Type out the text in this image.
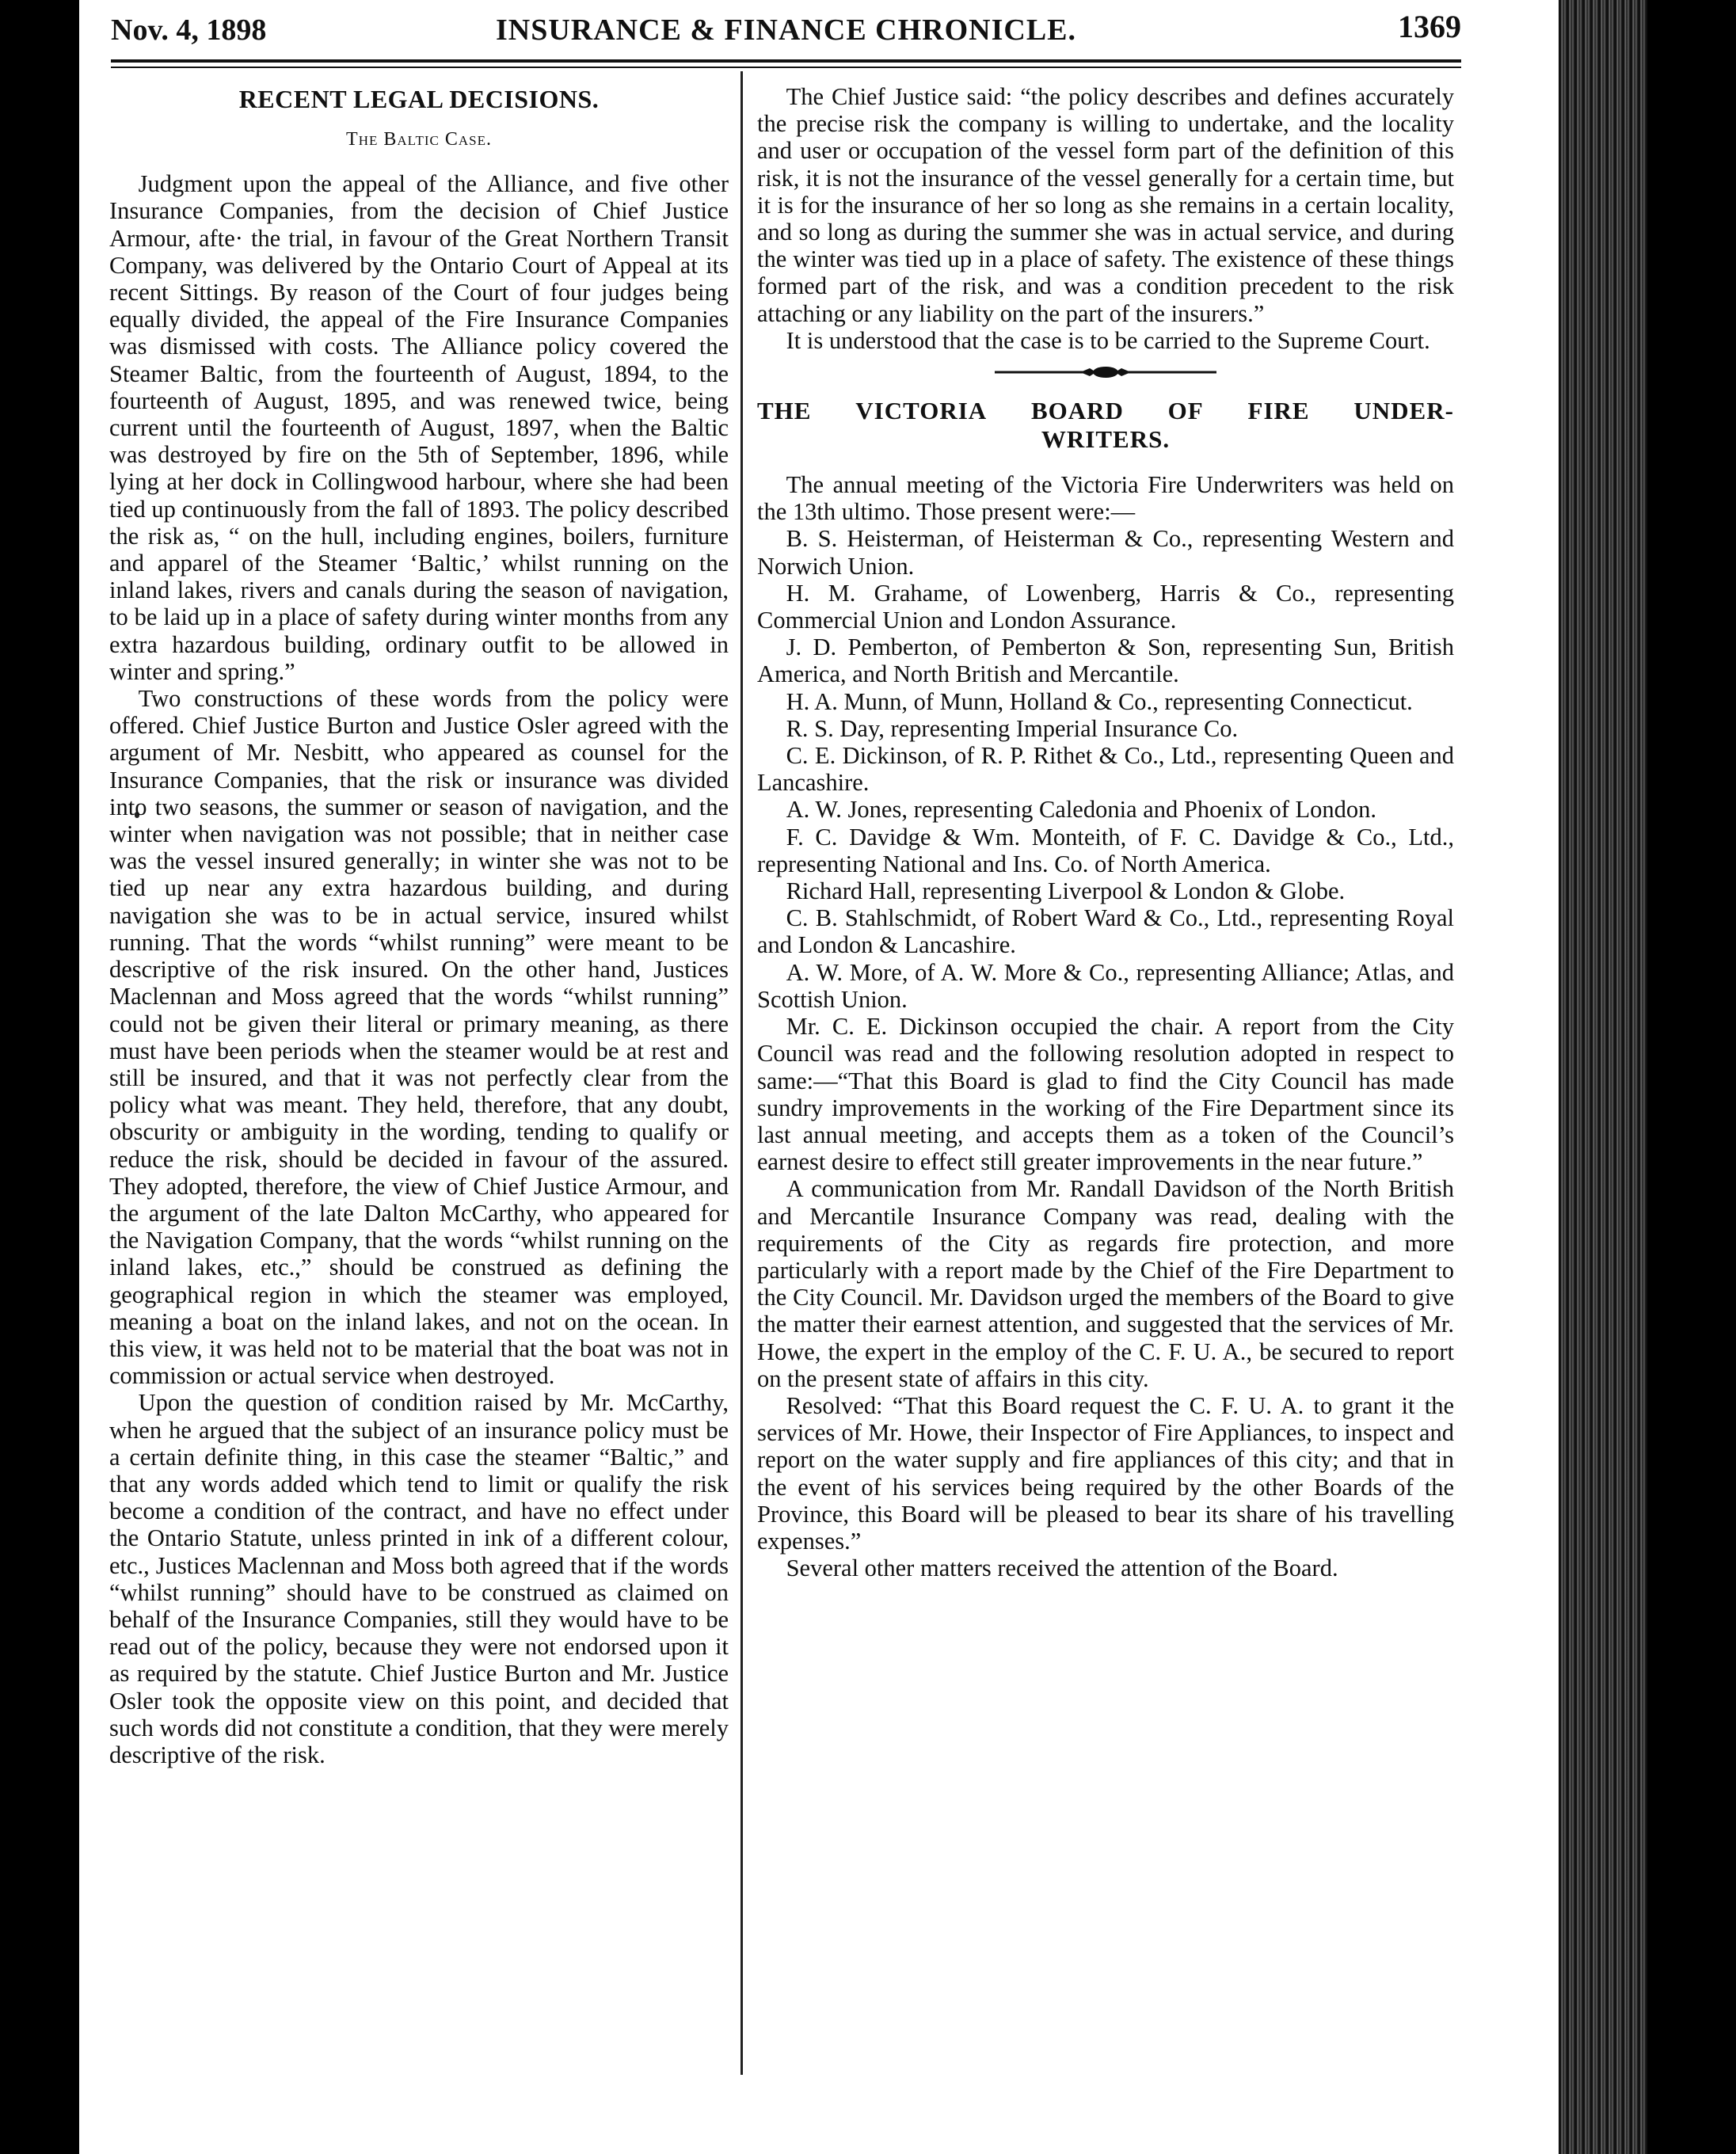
Nov. 4, 1898	INSURANCE & FINANCE CHRONICLE.	1369
RECENT LEGAL DECISIONS.
The Baltic Case.

Judgment upon the appeal of the Alliance, and five other Insurance Companies, from the decision of Chief Justice Armour, afte· the trial, in favour of the Great Northern Transit Company, was delivered by the Ontario Court of Appeal at its recent Sittings. By reason of the Court of four judges being equally divided, the appeal of the Fire Insurance Companies was dismissed with costs. The Alliance policy covered the Steamer Baltic, from the fourteenth of August, 1894, to the fourteenth of August, 1895, and was renewed twice, being current until the fourteenth of August, 1897, when the Baltic was destroyed by fire on the 5th of September, 1896, while lying at her dock in Collingwood harbour, where she had been tied up continuously from the fall of 1893. The policy described the risk as, “ on the hull, including engines, boilers, furniture and apparel of the Steamer ‘Baltic,’ whilst running on the inland lakes, rivers and canals during the season of navigation, to be laid up in a place of safety during winter months from any extra hazardous building, ordinary outfit to be allowed in winter and spring.”

Two constructions of these words from the policy were offered. Chief Justice Burton and Justice Osler agreed with the argument of Mr. Nesbitt, who appeared as counsel for the Insurance Companies, that the risk or insurance was divided into two seasons, the summer or season of navigation, and the winter when navigation was not possible; that in neither case was the vessel insured generally; in winter she was not to be tied up near any extra hazardous building, and during navigation she was to be in actual service, insured whilst running. That the words “whilst running” were meant to be descriptive of the risk insured. On the other hand, Justices Maclennan and Moss agreed that the words “whilst running” could not be given their literal or primary meaning, as there must have been periods when the steamer would be at rest and still be insured, and that it was not perfectly clear from the policy what was meant. They held, therefore, that any doubt, obscurity or ambiguity in the wording, tending to qualify or reduce the risk, should be decided in favour of the assured. They adopted, therefore, the view of Chief Justice Armour, and the argument of the late Dalton McCarthy, who appeared for the Navigation Company, that the words “whilst running on the inland lakes, etc.,” should be construed as defining the geographical region in which the steamer was employed, meaning a boat on the inland lakes, and not on the ocean. In this view, it was held not to be material that the boat was not in commission or actual service when destroyed.

Upon the question of condition raised by Mr. McCarthy, when he argued that the subject of an insurance policy must be a certain definite thing, in this case the steamer “Baltic,” and that any words added which tend to limit or qualify the risk become a condition of the contract, and have no effect under the Ontario Statute, unless printed in ink of a different colour, etc., Justices Maclennan and Moss both agreed that if the words “whilst running” should have to be construed as claimed on behalf of the Insurance Companies, still they would have to be read out of the policy, because they were not endorsed upon it as required by the statute. Chief Justice Burton and Mr. Justice Osler took the opposite view on this point, and decided that such words did not constitute a condition, that they were merely descriptive of the risk.

The Chief Justice said: “the policy describes and defines accurately the precise risk the company is willing to undertake, and the locality and user or occupation of the vessel form part of the definition of this risk, it is not the insurance of the vessel generally for a certain time, but it is for the insurance of her so long as she remains in a certain locality, and so long as during the summer she was in actual service, and during the winter was tied up in a place of safety. The existence of these things formed part of the risk, and was a condition precedent to the risk attaching or any liability on the part of the insurers.”

It is understood that the case is to be carried to the Supreme Court.

THE VICTORIA BOARD OF FIRE UNDER-
WRITERS.

The annual meeting of the Victoria Fire Underwriters was held on the 13th ultimo. Those present were:—

B. S. Heisterman, of Heisterman & Co., representing Western and Norwich Union.

H. M. Grahame, of Lowenberg, Harris & Co., representing Commercial Union and London Assurance.

J. D. Pemberton, of Pemberton & Son, representing Sun, British America, and North British and Mercantile.

H. A. Munn, of Munn, Holland & Co., representing Connecticut.

R. S. Day, representing Imperial Insurance Co.

C. E. Dickinson, of R. P. Rithet & Co., Ltd., representing Queen and Lancashire.

A. W. Jones, representing Caledonia and Phoenix of London.

F. C. Davidge & Wm. Monteith, of F. C. Davidge & Co., Ltd., representing National and Ins. Co. of North America.

Richard Hall, representing Liverpool & London & Globe.

C. B. Stahlschmidt, of Robert Ward & Co., Ltd., representing Royal and London & Lancashire.

A. W. More, of A. W. More & Co., representing Alliance; Atlas, and Scottish Union.

Mr. C. E. Dickinson occupied the chair. A report from the City Council was read and the following resolution adopted in respect to same:—“That this Board is glad to find the City Council has made sundry improvements in the working of the Fire Department since its last annual meeting, and accepts them as a token of the Council’s earnest desire to effect still greater improvements in the near future.”

A communication from Mr. Randall Davidson of the North British and Mercantile Insurance Company was read, dealing with the requirements of the City as regards fire protection, and more particularly with a report made by the Chief of the Fire Department to the City Council. Mr. Davidson urged the members of the Board to give the matter their earnest attention, and suggested that the services of Mr. Howe, the expert in the employ of the C. F. U. A., be secured to report on the present state of affairs in this city.

Resolved: “That this Board request the C. F. U. A. to grant it the services of Mr. Howe, their Inspector of Fire Appliances, to inspect and report on the water supply and fire appliances of this city; and that in the event of his services being required by the other Boards of the Province, this Board will be pleased to bear its share of his travelling expenses.”

Several other matters received the attention of the Board.
